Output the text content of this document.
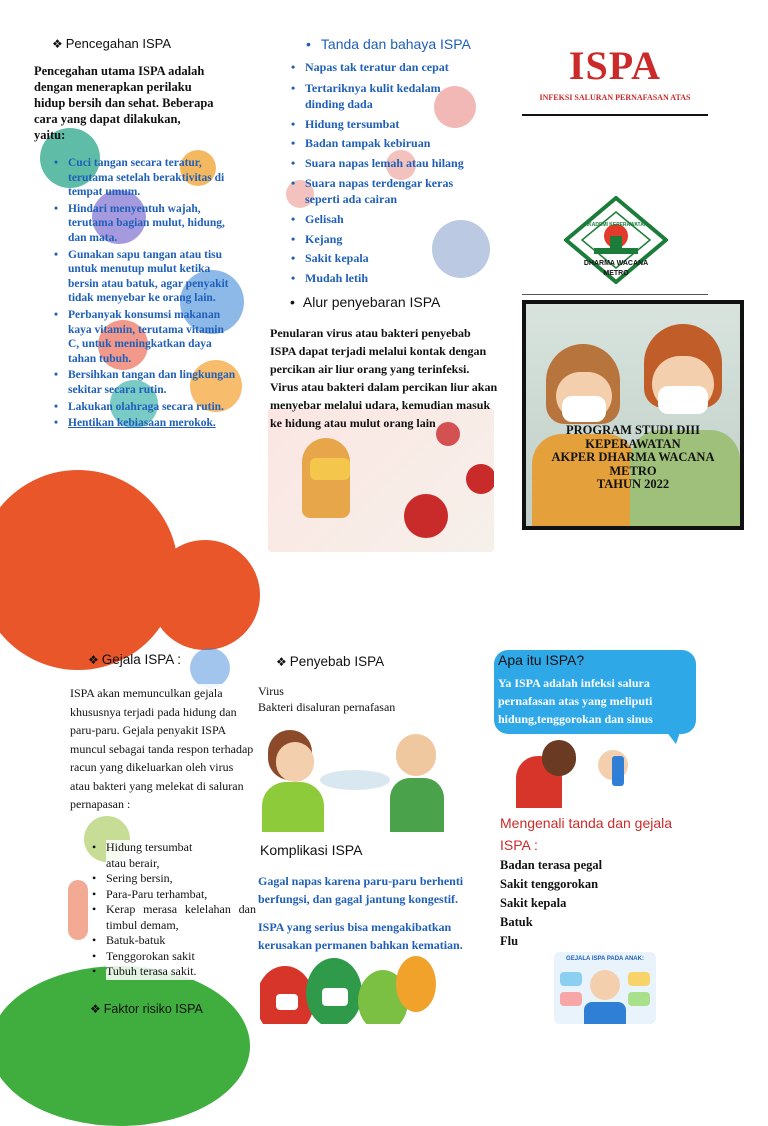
❖ Pencegahan ISPA
Pencegahan utama ISPA adalah dengan menerapkan perilaku hidup bersih dan sehat. Beberapa cara yang dapat dilakukan, yaitu:
• Cuci tangan secara teratur, terutama setelah beraktivitas di tempat umum.
• Hindari menyentuh wajah, terutama bagian mulut, hidung, dan mata.
• Gunakan sapu tangan atau tisu untuk menutup mulut ketika bersin atau batuk, agar penyakit tidak menyebar ke orang lain.
• Perbanyak konsumsi makanan kaya vitamin, terutama vitamin C, untuk meningkatkan daya tahan tubuh.
• Bersihkan tangan dan lingkungan sekitar secara rutin.
• Lakukan olahraga secara rutin.
• Hentikan kebiasaan merokok.
• Tanda dan bahaya ISPA
• Napas tak teratur dan cepat
• Tertariknya kulit kedalam dinding dada
• Hidung tersumbat
• Badan tampak kebiruan
• Suara napas lemah atau hilang
• Suara napas terdengar keras seperti ada cairan
• Gelisah
• Kejang
• Sakit kepala
• Mudah letih
• Alur penyebaran ISPA
Penularan virus atau bakteri penyebab ISPA dapat terjadi melalui kontak dengan percikan air liur orang yang terinfeksi. Virus atau bakteri dalam percikan liur akan menyebar melalui udara, kemudian masuk ke hidung atau mulut orang lain
ISPA
INFEKSI SALURAN PERNAFASAN ATAS
AKADEMI KEPERAWATAN
DHARMA WACANA
METRO
PROGRAM STUDI DIII
KEPERAWATAN
AKPER DHARMA WACANA
METRO
TAHUN 2022
❖ Gejala ISPA :
ISPA akan memunculkan gejala khususnya terjadi pada hidung dan paru-paru. Gejala penyakit ISPA muncul sebagai tanda respon terhadap racun yang dikeluarkan oleh virus atau bakteri yang melekat di saluran pernapasan :
• Hidung tersumbat atau berair,
• Sering bersin,
• Para-Paru terhambat,
• Kerap merasa kelelahan dan timbul demam,
• Batuk-batuk
• Tenggorokan sakit
• Tubuh terasa sakit.
❖ Faktor risiko ISPA
❖ Penyebab ISPA
Virus
Bakteri disaluran pernafasan
Komplikasi ISPA
Gagal napas karena paru-paru berhenti berfungsi, dan gagal jantung kongestif.
ISPA yang serius bisa mengakibatkan kerusakan permanen bahkan kematian.
Apa itu ISPA?
Ya ISPA adalah infeksi salura pernafasan atas yang meliputi hidung,tenggorokan dan sinus
Mengenali tanda dan gejala ISPA :
Badan terasa pegal
Sakit tenggorokan
Sakit kepala
Batuk
Flu
GEJALA ISPA PADA ANAK:
